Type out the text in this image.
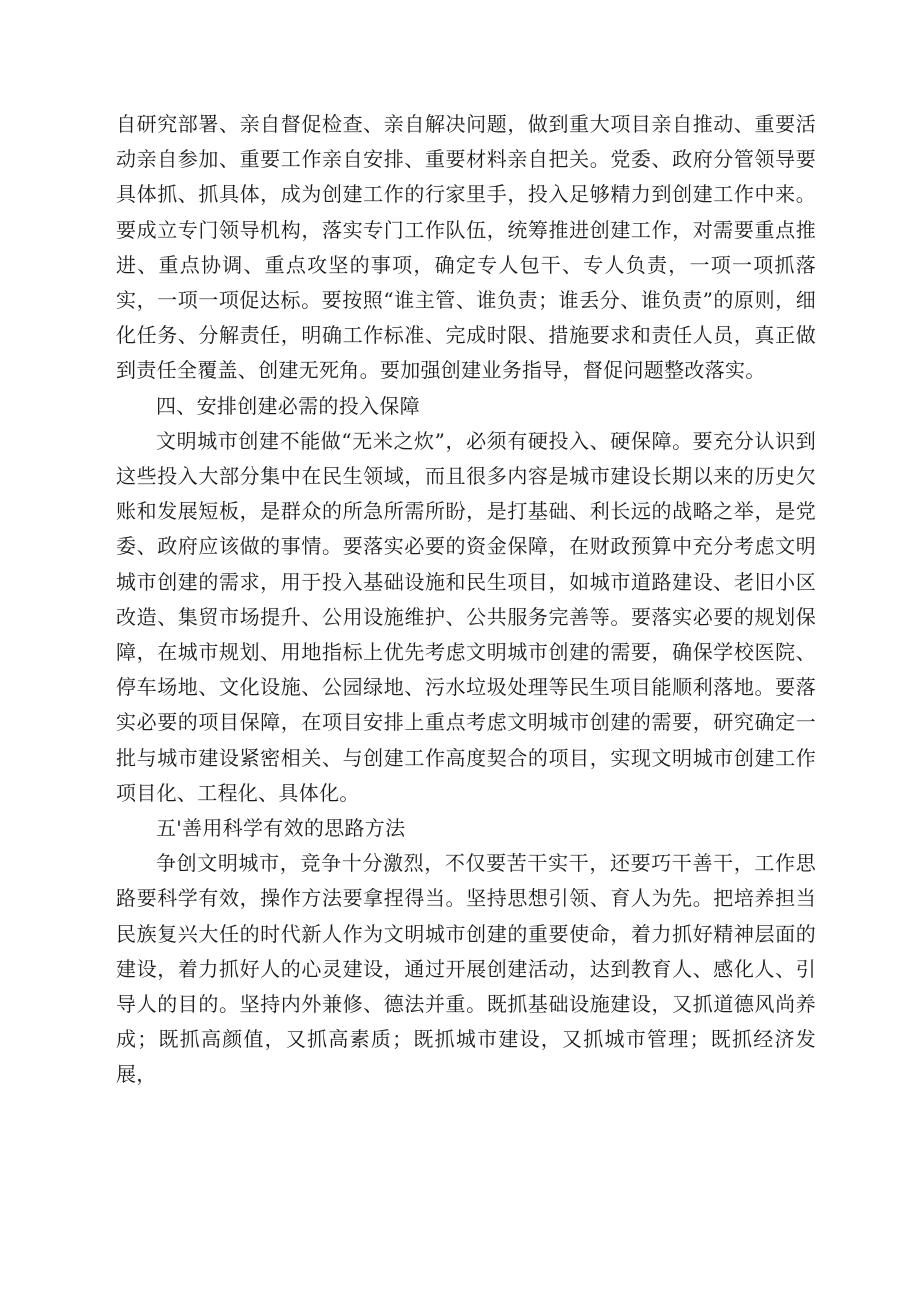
自研究部署、亲自督促检查、亲自解决问题，做到重大项目亲自推动、重要活动亲自参加、重要工作亲自安排、重要材料亲自把关。党委、政府分管领导要具体抓、抓具体，成为创建工作的行家里手，投入足够精力到创建工作中来。要成立专门领导机构，落实专门工作队伍，统筹推进创建工作，对需要重点推进、重点协调、重点攻坚的事项，确定专人包干、专人负责，一项一项抓落实，一项一项促达标。要按照“谁主管、谁负责；谁丢分、谁负责”的原则，细化任务、分解责任，明确工作标准、完成时限、措施要求和责任人员，真正做到责任全覆盖、创建无死角。要加强创建业务指导，督促问题整改落实。

四、安排创建必需的投入保障

文明城市创建不能做“无米之炊”，必须有硬投入、硬保障。要充分认识到这些投入大部分集中在民生领域，而且很多内容是城市建设长期以来的历史欠账和发展短板，是群众的所急所需所盼，是打基础、利长远的战略之举，是党委、政府应该做的事情。要落实必要的资金保障，在财政预算中充分考虑文明城市创建的需求，用于投入基础设施和民生项目，如城市道路建设、老旧小区改造、集贸市场提升、公用设施维护、公共服务完善等。要落实必要的规划保障，在城市规划、用地指标上优先考虑文明城市创建的需要，确保学校医院、停车场地、文化设施、公园绿地、污水垃圾处理等民生项目能顺利落地。要落实必要的项目保障，在项目安排上重点考虑文明城市创建的需要，研究确定一批与城市建设紧密相关、与创建工作高度契合的项目，实现文明城市创建工作项目化、工程化、具体化。

五'善用科学有效的思路方法

争创文明城市，竞争十分激烈，不仅要苦干实干，还要巧干善干，工作思路要科学有效，操作方法要拿捏得当。坚持思想引领、育人为先。把培养担当民族复兴大任的时代新人作为文明城市创建的重要使命，着力抓好精神层面的建设，着力抓好人的心灵建设，通过开展创建活动，达到教育人、感化人、引导人的目的。坚持内外兼修、德法并重。既抓基础设施建设，又抓道德风尚养成；既抓高颜值，又抓高素质；既抓城市建设，又抓城市管理；既抓经济发展，
